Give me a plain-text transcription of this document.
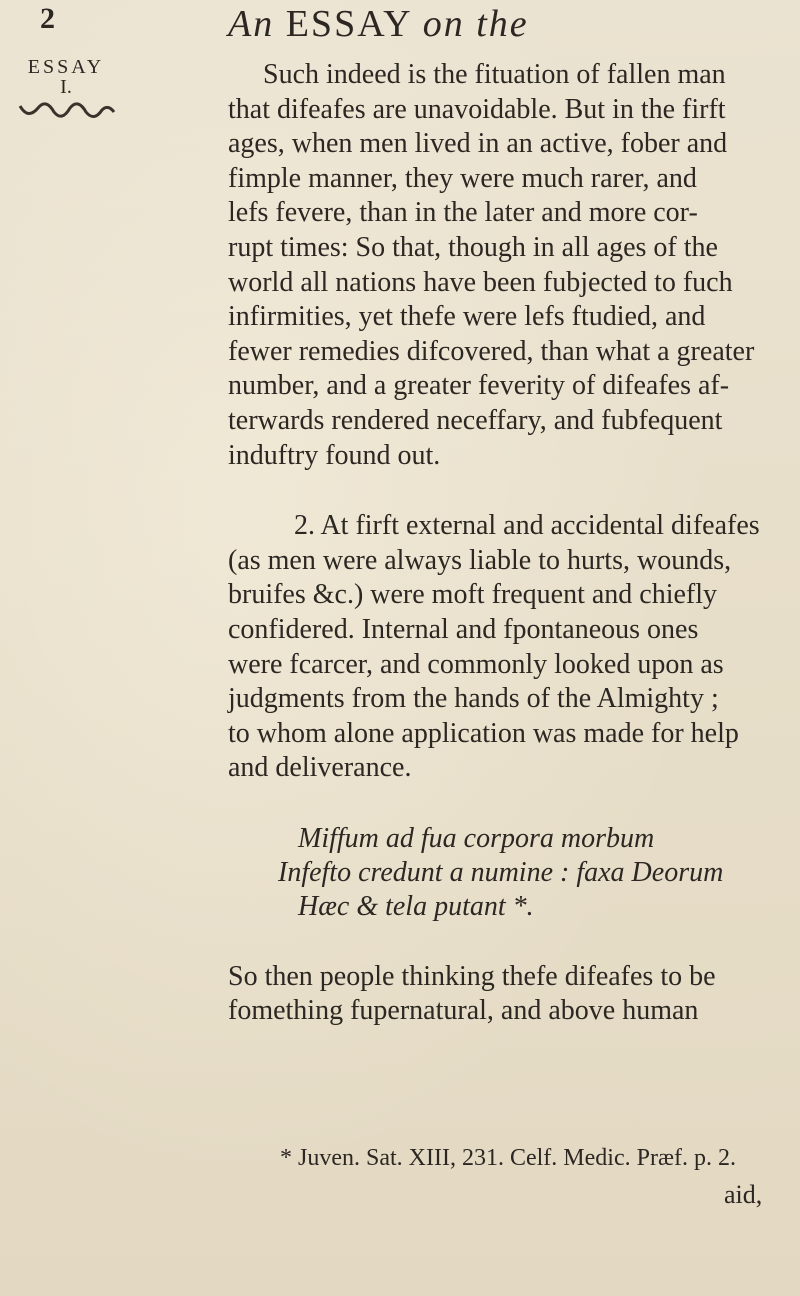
2	An ESSAY on the
ESSAY
I.	Such indeed is the fituation of fallen man
that difeafes are unavoidable. But in the firft
ages, when men lived in an active, fober and
fimple manner, they were much rarer, and
lefs fevere, than in the later and more cor-
rupt times: So that, though in all ages of the
world all nations have been fubjected to fuch
infirmities, yet thefe were lefs ftudied, and
fewer remedies difcovered, than what a greater
number, and a greater feverity of difeafes af-
terwards rendered neceffary, and fubfequent
induftry found out.
2. At firft external and accidental difeafes
(as men were always liable to hurts, wounds,
bruifes &c.) were moft frequent and chiefly
confidered. Internal and fpontaneous ones
were fcarcer, and commonly looked upon as
judgments from the hands of the Almighty ;
to whom alone application was made for help
and deliverance.
Miffum ad fua corpora morbum
Infefto credunt a numine : faxa Deorum
Hæc & tela putant *.
So then people thinking thefe difeafes to be
fomething fupernatural, and above human
* Juven. Sat. XIII, 231. Celf. Medic. Præf. p. 2.
aid,
